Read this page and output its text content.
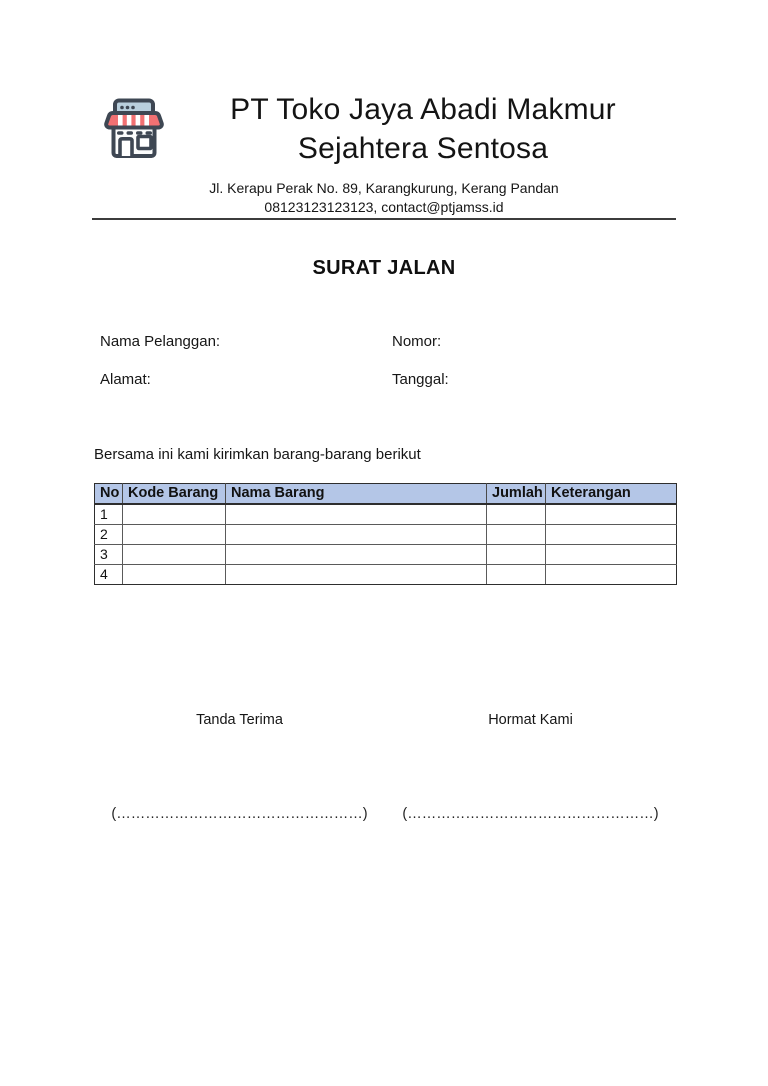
PT Toko Jaya Abadi Makmur
Sejahtera Sentosa
Jl. Kerapu Perak No. 89, Karangkurung, Kerang Pandan
08123123123123, contact@ptjamss.id
SURAT JALAN
Nama Pelanggan:	Nomor:
Alamat:	Tanggal:
Bersama ini kami kirimkan barang-barang berikut
No	Kode Barang	Nama Barang	Jumlah	Keterangan
1				
2				
3				
4				
Tanda Terima	Hormat Kami
(……………………………………………)	(……………………………………………)
